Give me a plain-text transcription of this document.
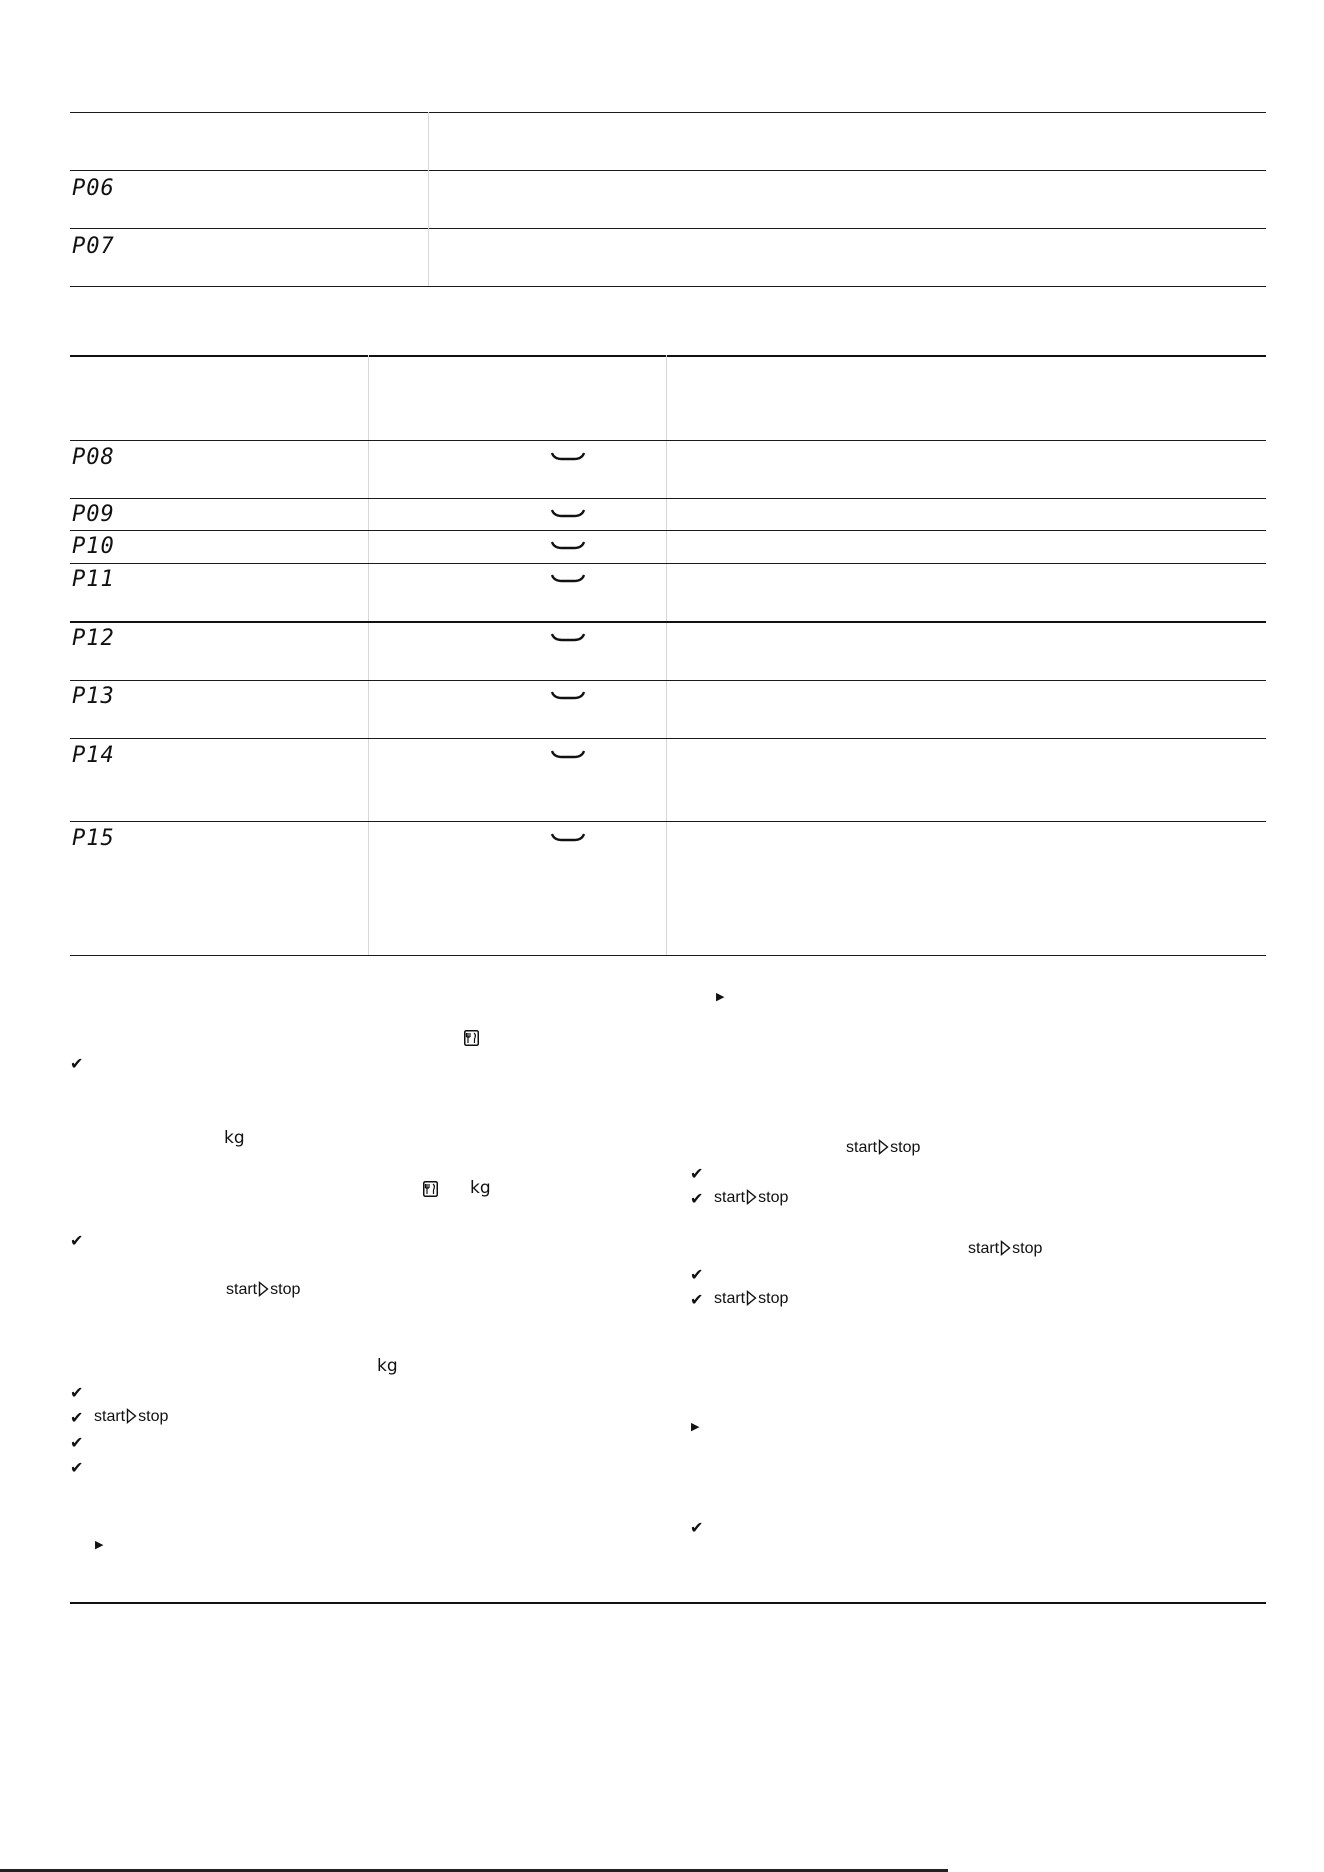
P06
P07
P08
P09
P10
P11
P12
P13
P14
P15
✔
kg
kg
✔
start stop
kg
✔
✔ start stop
✔
✔
▶
▶
start stop
✔
✔ start stop
start stop
✔
✔ start stop
▶
✔
